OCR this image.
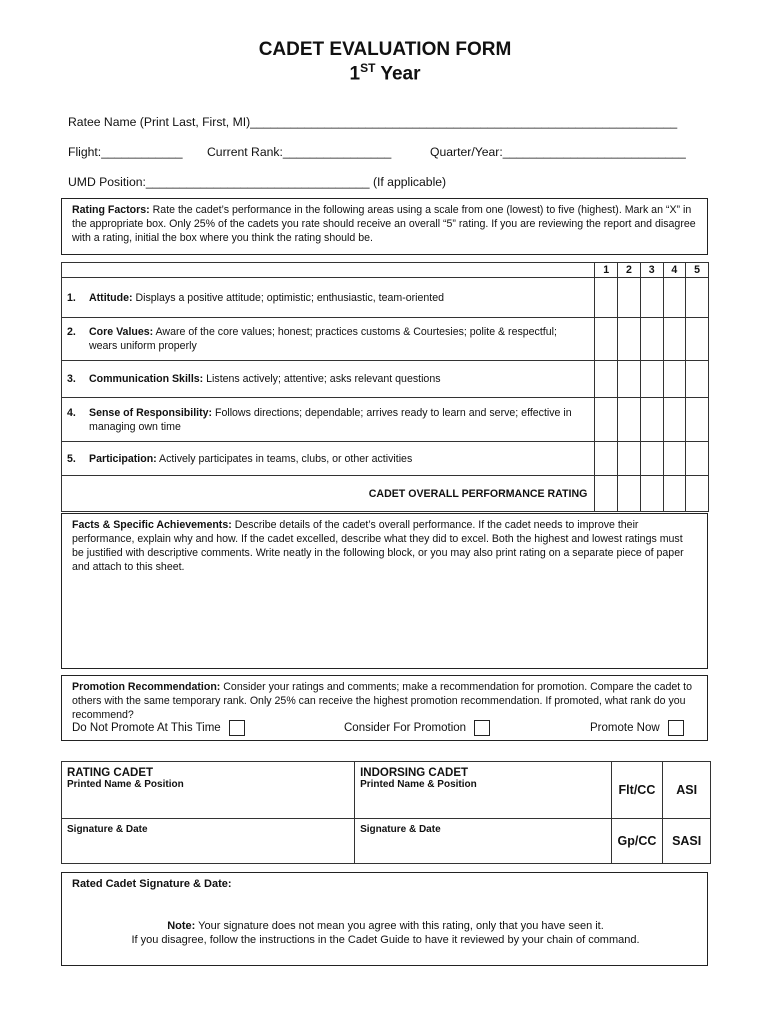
CADET EVALUATION FORM
1ST Year
Ratee Name (Print Last, First, MI)_______________________________________________________________
Flight:____________ Current Rank:________________	Quarter/Year:___________________________
UMD Position:_________________________________ (If applicable)
Rating Factors: Rate the cadet’s performance in the following areas using a scale from one (lowest) to five (highest). Mark an “X” in the appropriate box. Only 25% of the cadets you rate should receive an overall “5” rating. If you are reviewing the report and disagree with a rating, initial the box where you think the rating should be.
	1	2	3	4	5
1. Attitude: Displays a positive attitude; optimistic; enthusiastic, team-oriented					
2. Core Values: Aware of the core values; honest; practices customs & Courtesies; polite & respectful; wears uniform properly					
3. Communication Skills: Listens actively; attentive; asks relevant questions					
4. Sense of Responsibility: Follows directions; dependable; arrives ready to learn and serve; effective in managing own time					
5. Participation: Actively participates in teams, clubs, or other activities					
CADET OVERALL PERFORMANCE RATING					
Facts & Specific Achievements: Describe details of the cadet’s overall performance. If the cadet needs to improve their performance, explain why and how. If the cadet excelled, describe what they did to excel. Both the highest and lowest ratings must be justified with descriptive comments. Write neatly in the following block, or you may also print rating on a separate piece of paper and attach to this sheet.
Promotion Recommendation: Consider your ratings and comments; make a recommendation for promotion. Compare the cadet to others with the same temporary rank. Only 25% can receive the highest promotion recommendation. If promoted, what rank do you recommend?
Do Not Promote At This Time	Consider For Promotion	Promote Now
RATING CADET	INDORSING CADET	Flt/CC	ASI
Printed Name & Position	Printed Name & Position		
Signature & Date	Signature & Date	Gp/CC	SASI
Rated Cadet Signature & Date:
Note: Your signature does not mean you agree with this rating, only that you have seen it.
If you disagree, follow the instructions in the Cadet Guide to have it reviewed by your chain of command.
